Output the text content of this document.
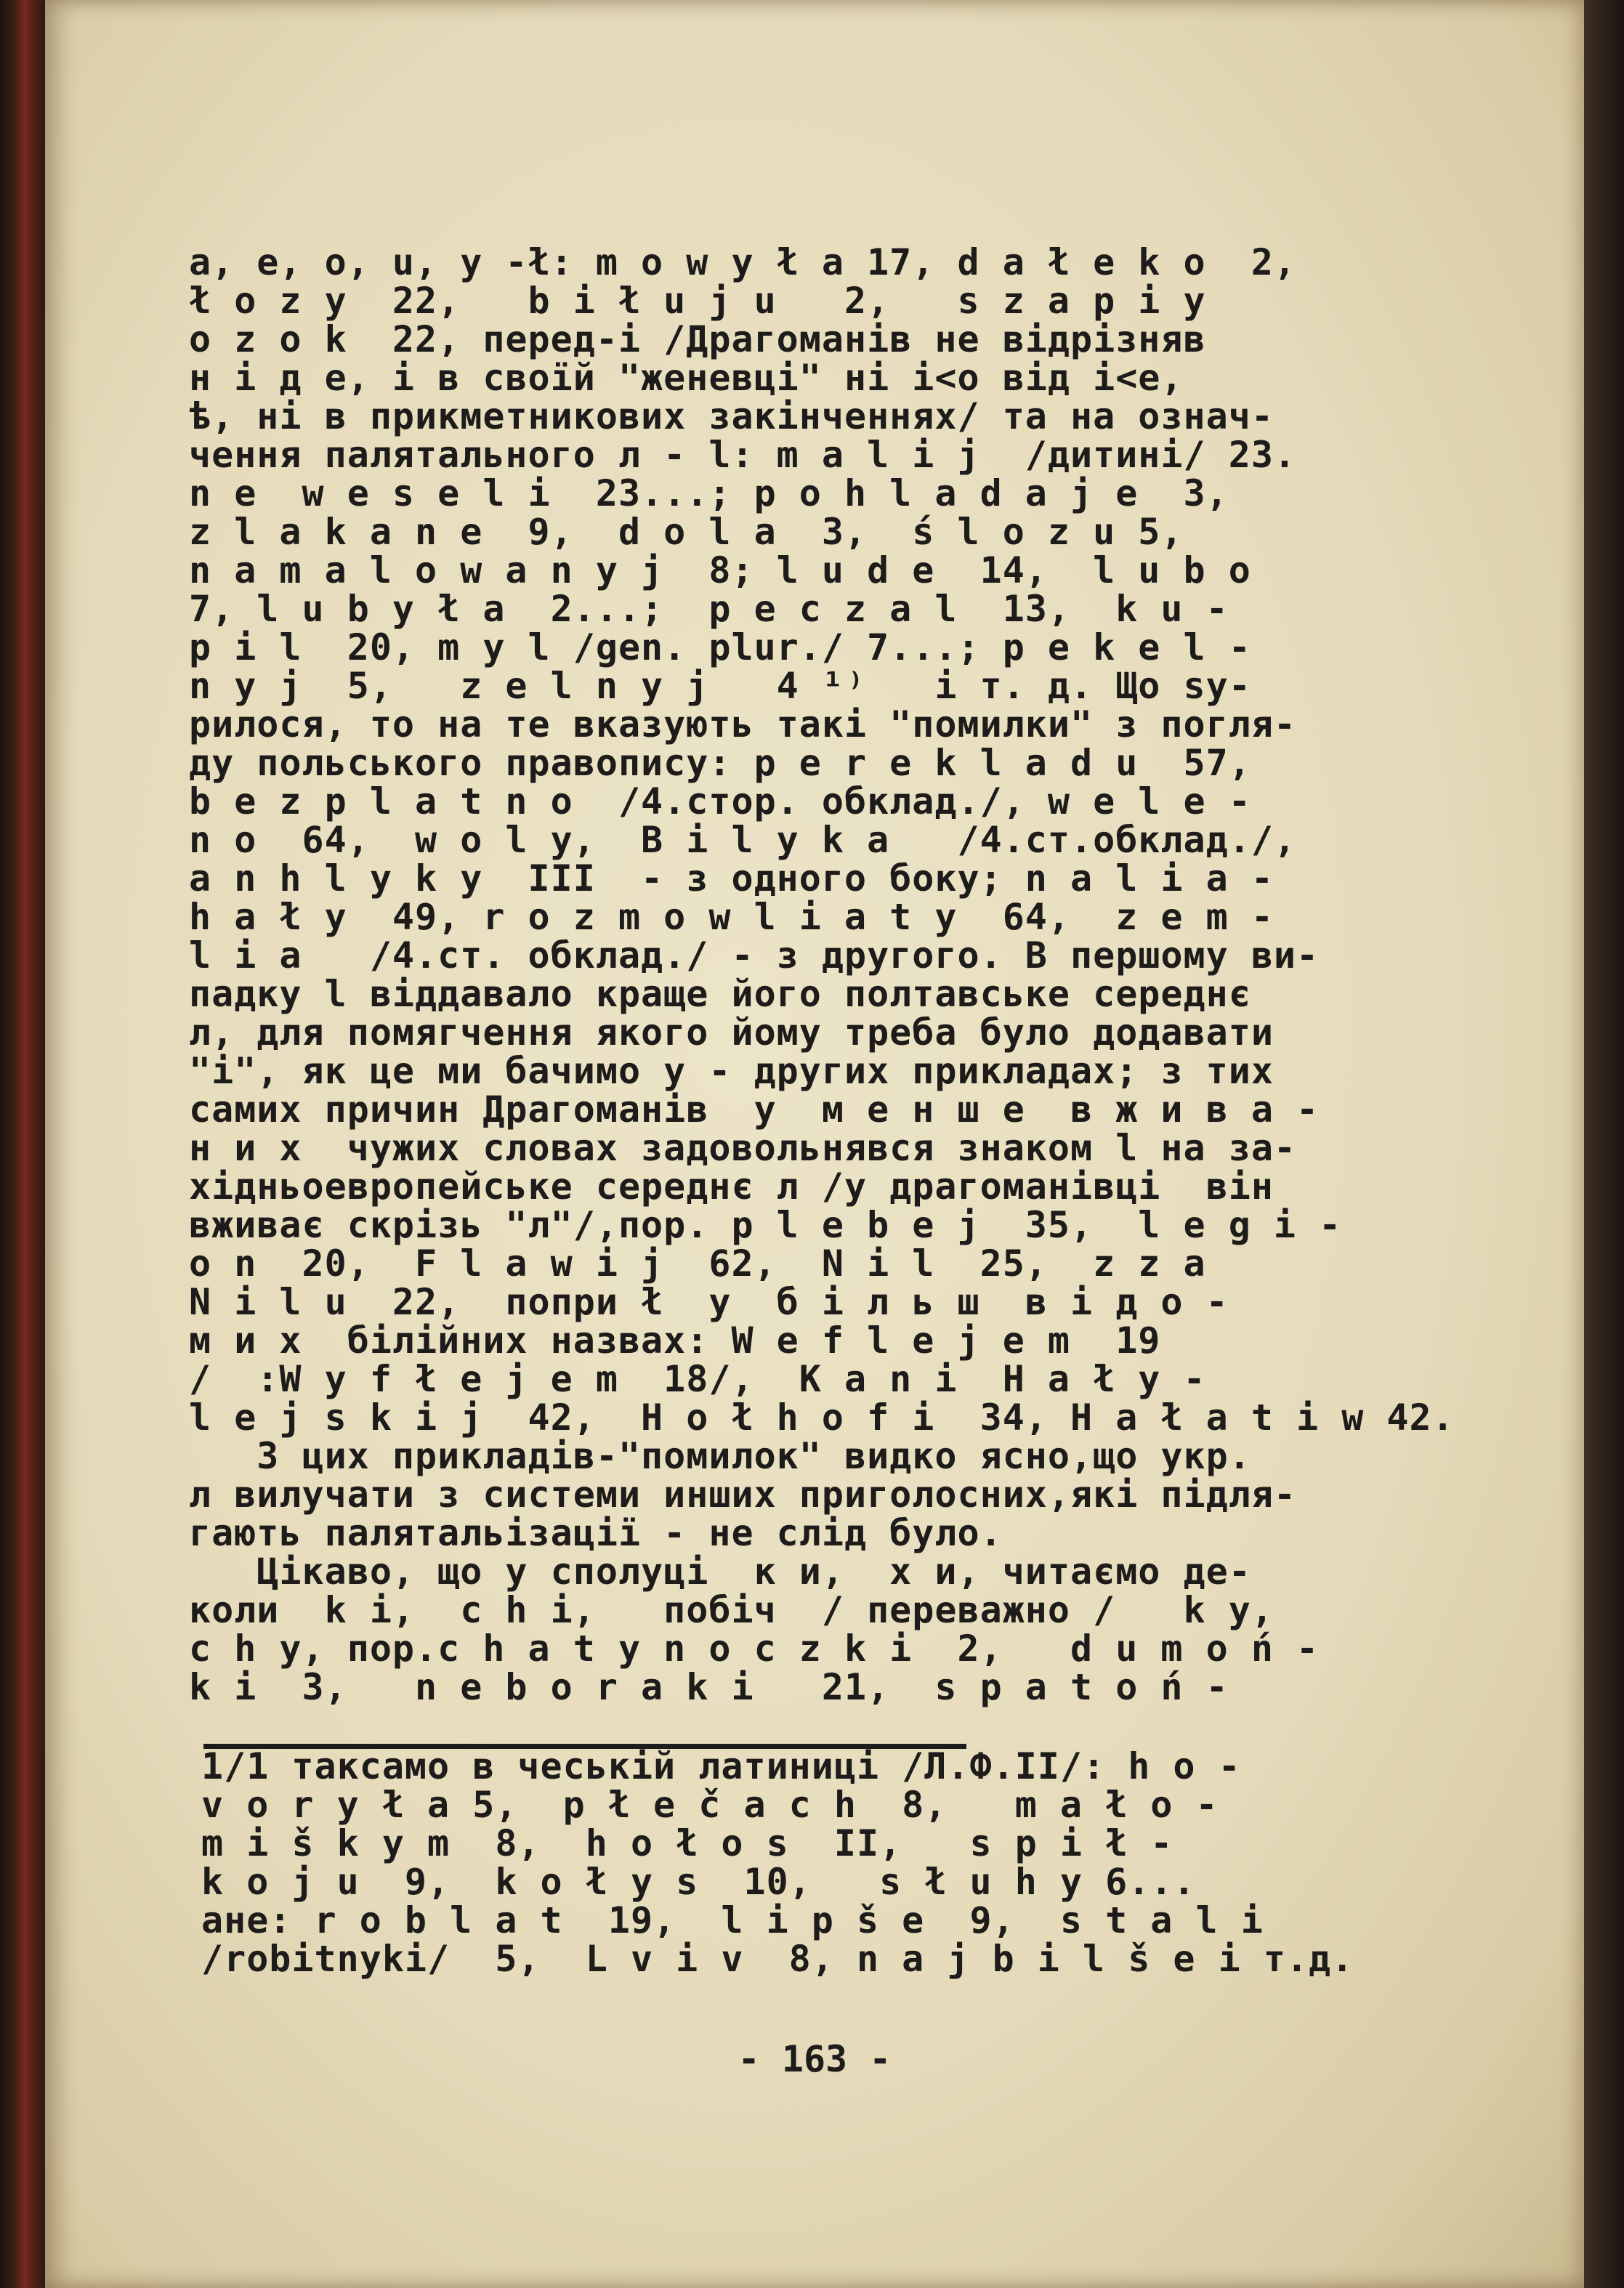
a, e, o, u, y -ł: m o w y ł a 17, d a ł e k o  2,
ł o z y  22,   b i ł u j u   2,   s z a p i y
o z o k  22, перед-і /Драгоманів не відрізняв
н і д е, і в своїй "женевці" ні і<о від і<е,
ѣ, ні в прикметникових закінченнях/ та на означ-
чення палятального л - l: m a l i j  /дитині/ 23.
n e  w e s e l i  23...; p o h l a d a j e  3,
z l a k a n e  9,  d o l a  3,  ś l o z u 5,
n a m a l o w a n y j  8; l u d e  14,  l u b o
7, l u b y ł a  2...;  p e c z a l  13,  k u -
p i l  20, m y l /gen. plur./ 7...; p e k e l -
n y j  5,   z e l n y j   4 ¹⁾   і т. д. Що ѕу-
рилося, то на те вказують такі "помилки" з погля-
ду польського правопису: p e r e k l a d u  57,
b e z p l a t n o  /4.стор. обклад./, w e l e -
n o  64,  w o l y,  B i l y k a   /4.ст.обклад./,
a n h l y k y  III  - з одного боку; n a l i a -
h a ł y  49, r o z m o w l i a t y  64,  z e m -
l i a   /4.ст. обклад./ - з другого. В першому ви-
падку l віддавало краще його полтавське середнє
л, для помягчення якого йому треба було додавати
"i", як це ми бачимо у - других прикладах; з тих
самих причин Драгоманів  у  м е н ш е  в ж и в а -
н и х  чужих словах задовольнявся знаком l на за-
хідньоевропейське середнє л /у драгоманівці  він
вживає скрізь "л"/,пор. p l e b e j  35,  l e g i -
o n  20,  F l a w i j  62,  N i l  25,  z z a
N i l u  22,  попри ł  у  б і л ь ш  в і д о -
м и х  білійних назвах: W e f l e j e m  19
/  :W y f ł e j e m  18/,  K a n i  H a ł y -
l e j s k i j  42,  H o ł h o f i  34, H a ł a t i w 42.
З цих прикладів-"помилок" видко ясно,що укр.
л вилучати з системи инших приголосних,які підля-
гають палятальізації - не слід було.
Цікаво, що у сполуці  к и,  х и, читаємо де-
коли  k i,  c h i,   побіч  / переважно /   k y,
c h y, пор.c h a t y n o c z k i  2,   d u m o ń -
k i  3,   n e b o r a k i   21,  s p a t o ń -
1/1 таксамо в чеській латиниці /Л.Ф.II/: h o -
v o r y ł a 5,  p ł e č a c h  8,   m a ł o -
m i š k y m  8,  h o ł o s  II,   s p i ł -
k o j u  9,  k o ł y s  10,   s ł u h y 6...
ане: r o b l a t  19,  l i p š e  9,  s t a l i
/robitnyki/  5,  L v i v  8, n a j b i l š e і т.д.
- 163 -
